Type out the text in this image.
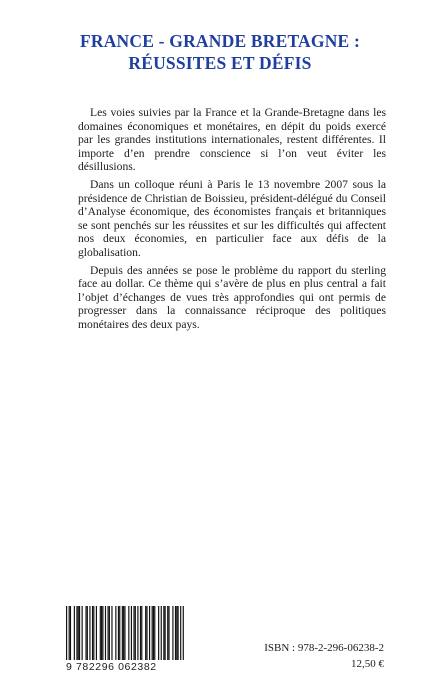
FRANCE - GRANDE BRETAGNE :
RÉUSSITES ET DÉFIS

Les voies suivies par la France et la Grande-Bretagne dans les domaines économiques et monétaires, en dépit du poids exercé par les grandes institutions internationales, restent différentes. Il importe d’en prendre conscience si l’on veut éviter les désillusions.

Dans un colloque réuni à Paris le 13 novembre 2007 sous la présidence de Christian de Boissieu, président-délégué du Conseil d’Analyse économique, des économistes français et britanniques se sont penchés sur les réussites et sur les difficultés qui affectent nos deux économies, en particulier face aux défis de la globalisation.

Depuis des années se pose le problème du rapport du sterling face au dollar. Ce thème qui s’avère de plus en plus central a fait l’objet d’échanges de vues très approfondies qui ont permis de progresser dans la connaissance réciproque des politiques monétaires des deux pays.

9 782296 062382
ISBN : 978-2-296-06238-2
12,50 €
